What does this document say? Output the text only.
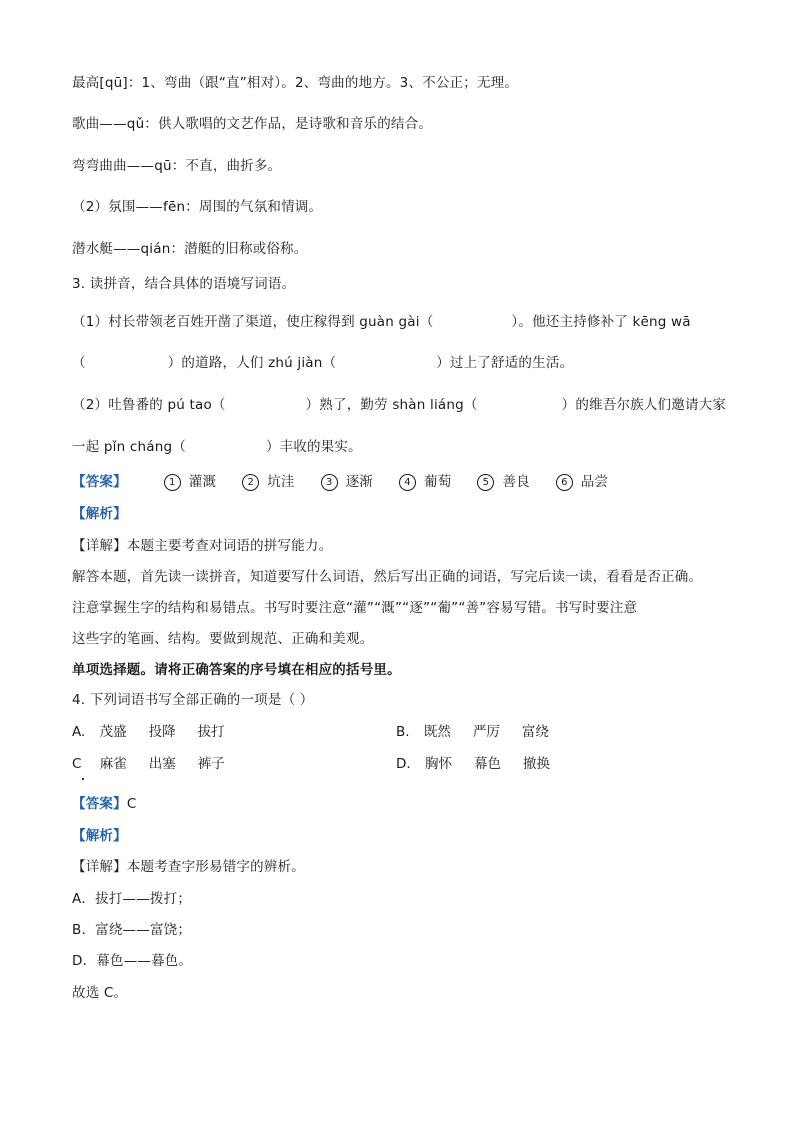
最高[qū]：1、弯曲（跟“直”相对）。2、弯曲的地方。3、不公正；无理。
歌曲——qǔ：供人歌唱的文艺作品，是诗歌和音乐的结合。
弯弯曲曲——qū：不直，曲折多。
（2）氛围——fēn：周围的气氛和情调。
潜水艇——qián：潜艇的旧称或俗称。
3. 读拼音，结合具体的语境写词语。
（1）村长带领老百姓开凿了渠道，使庄稼得到 guàn gài（	）。他还主持修补了 kēng wā
（	）的道路，人们 zhú jiàn（	）过上了舒适的生活。
（2）吐鲁番的 pú tao（	）熟了，勤劳 shàn liáng（	）的维吾尔族人们邀请大家
一起 pǐn cháng（	）丰收的果实。
【答案】	1 灌溉	2 坑洼	3 逐渐	4 葡萄	5 善良	6 品尝
【解析】
【详解】本题主要考查对词语的拼写能力。
解答本题，首先读一读拼音，知道要写什么词语，然后写出正确的词语，写完后读一读，看看是否正确。
注意掌握生字的结构和易错点。书写时要注意“灌”“溉”“逐”“葡”“善”容易写错。书写时要注意
这些字的笔画、结构。要做到规范、正确和美观。
单项选择题。请将正确答案的序号填在相应的括号里。
4. 下列词语书写全部正确的一项是（ ）
A. 茂盛 投降 拔打	B. 既然 严厉 富绕
C 麻雀 出塞 裤子	D. 胸怀 幕色 撤换
【答案】C
【解析】
【详解】本题考查字形易错字的辨析。
A．拔打——拨打；
B．富绕——富饶；
D．幕色——暮色。
故选 C。
